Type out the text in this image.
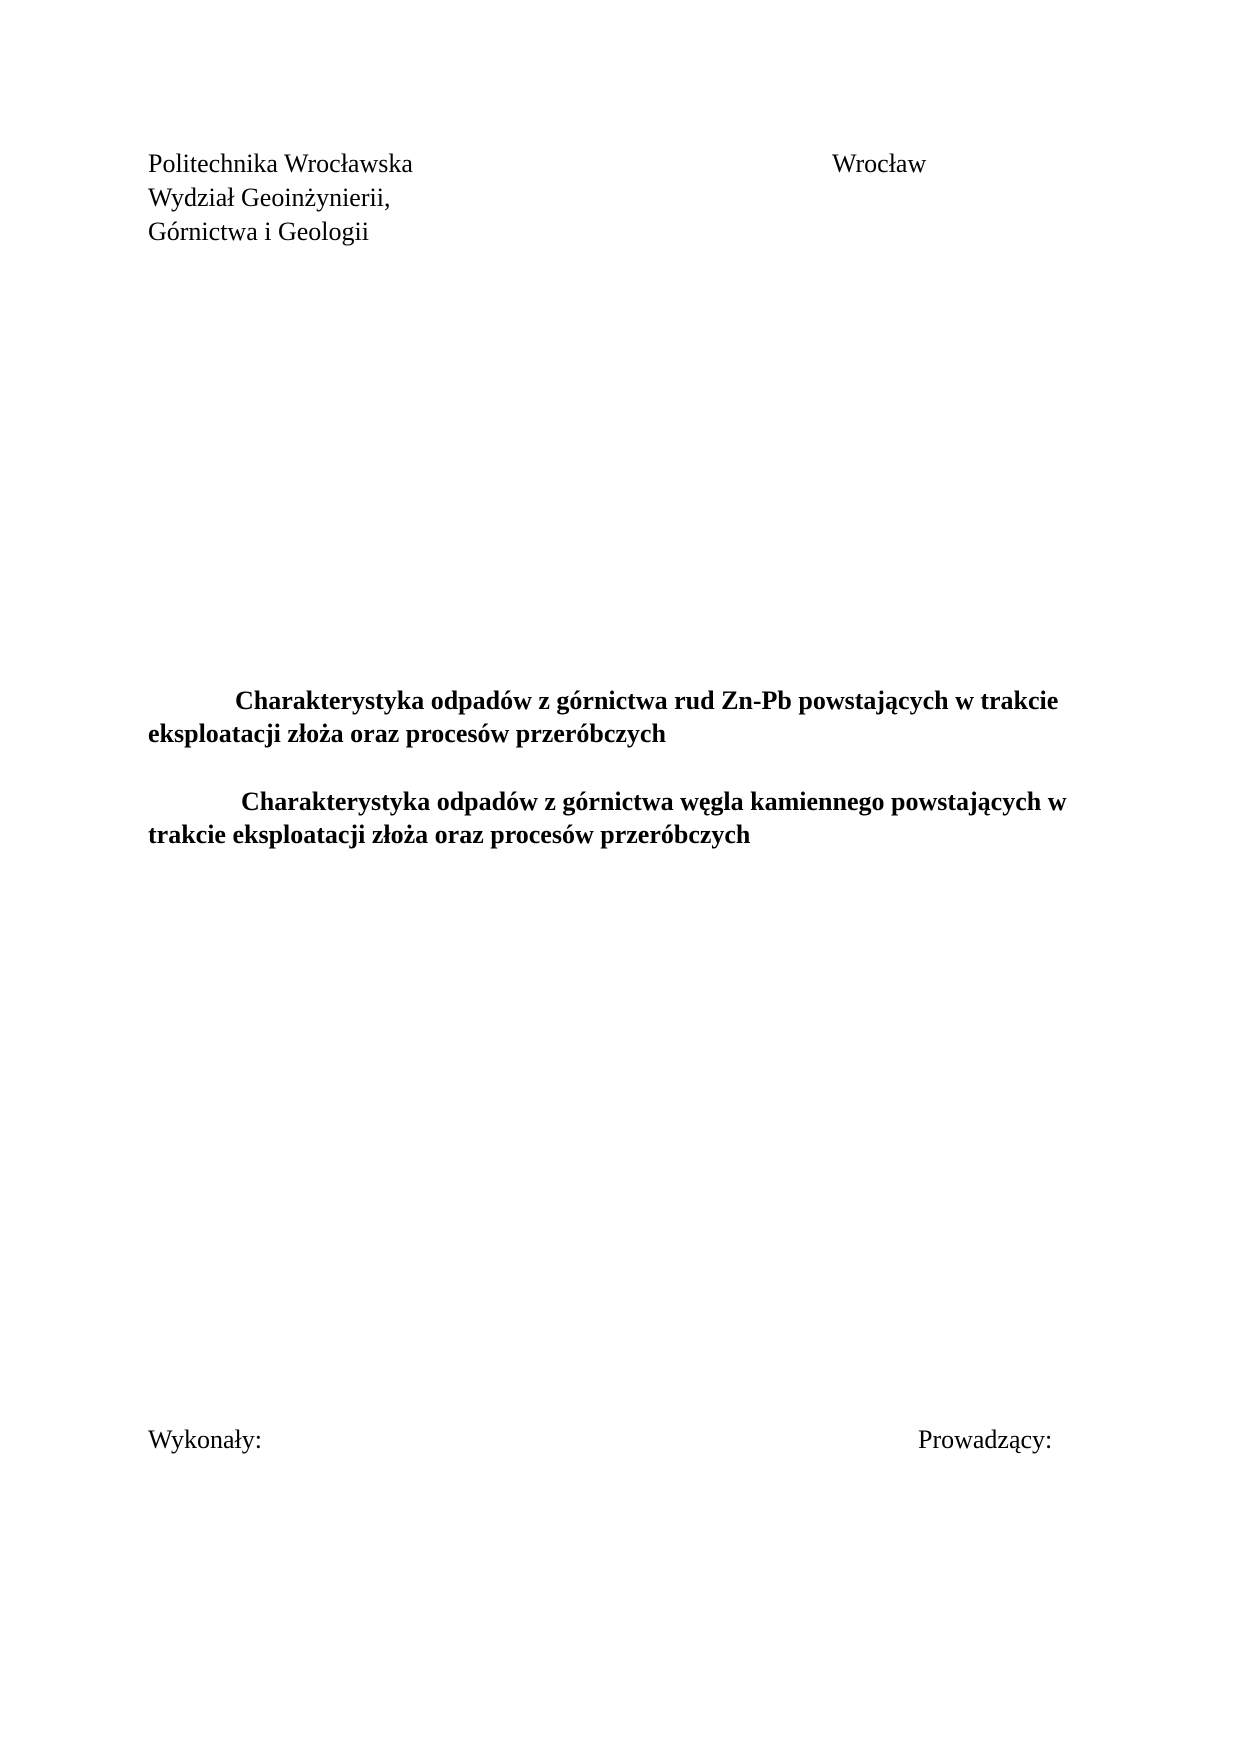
Politechnika Wrocławska
Wydział Geoinżynierii,
Górnictwa i Geologii
Wrocław
Charakterystyka odpadów z górnictwa rud Zn-Pb powstających w trakcie eksploatacji złoża oraz procesów przeróbczych
Charakterystyka odpadów z górnictwa węgla kamiennego powstających w trakcie eksploatacji złoża oraz procesów przeróbczych
Wykonały:	Prowadzący:
